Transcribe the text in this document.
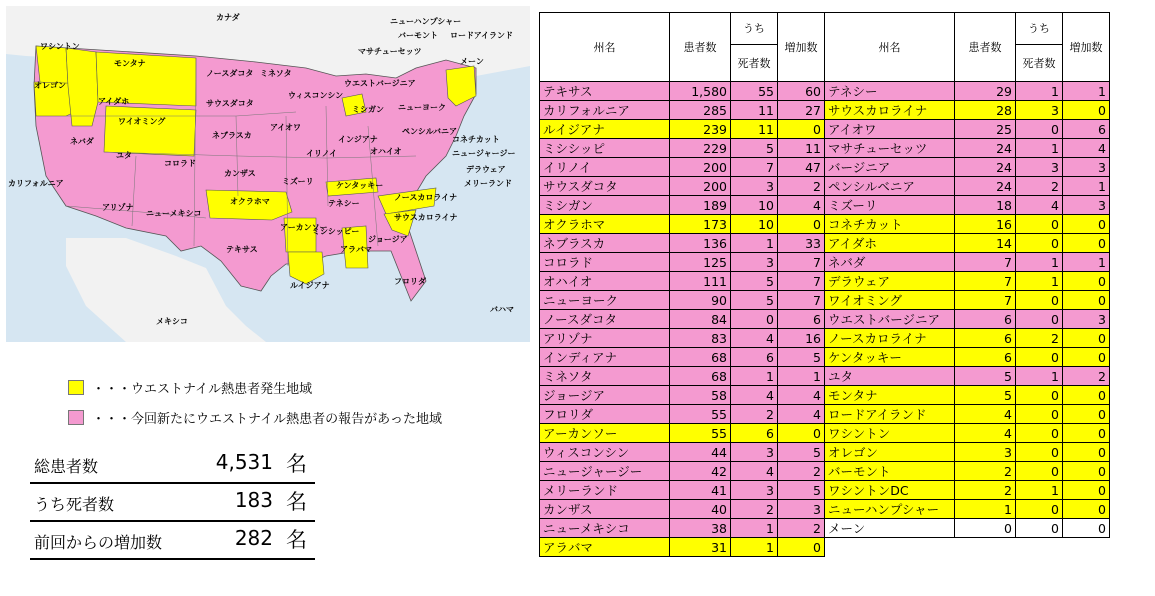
カナダ
ワシントン
モンタナ
オレゴン
アイダホ
ワイオミング
ノースダコタ ミネソタ
サウスダコタ
ネバダ
ユタ
コロラド
ネブラスカ
アイオワ
カリフォルニア
アリゾナ
ニューメキシコ
カンザス
ミズーリ
オクラホマ
テキサス
アーカンソー
ルイジアナ
ミシシッピー
アラバマ
テネシー
ケンタッキー
イリノイ
インジアナ
オハイオ
ウィスコンシン
ミシガン
ジョージア
フロリダ
サウスカロライナ
ノースカロライナ
ウエストバージニア
ニューヨーク
ペンシルバニア
ニューハンプシャー
バーモント ロードアイランド
マサチューセッツ
メーン
コネチカット
ニュージャージー
デラウェア
メリーランド
メキシコ
バハマ
・・・ウエストナイル熱患者発生地域
・・・今回新たにウエストナイル熱患者の報告があった地域
総患者数	4,531 名
うち死者数	183 名
前回からの増加数	282 名
州名	患者数	うち	増加数	州名	患者数	うち	増加数
		死者数				死者数	
テキサス	1,580	55	60	テネシー	29	1	1
カリフォルニア	285	11	27	サウスカロライナ	28	3	0
ルイジアナ	239	11	0	アイオワ	25	0	6
ミシシッピ	229	5	11	マサチューセッツ	24	1	4
イリノイ	200	7	47	バージニア	24	3	3
サウスダコタ	200	3	2	ペンシルベニア	24	2	1
ミシガン	189	10	4	ミズーリ	18	4	3
オクラホマ	173	10	0	コネチカット	16	0	0
ネブラスカ	136	1	33	アイダホ	14	0	0
コロラド	125	3	7	ネバダ	7	1	1
オハイオ	111	5	7	デラウェア	7	1	0
ニューヨーク	90	5	7	ワイオミング	7	0	0
ノースダコタ	84	0	6	ウエストバージニア	6	0	3
アリゾナ	83	4	16	ノースカロライナ	6	2	0
インディアナ	68	6	5	ケンタッキー	6	0	0
ミネソタ	68	1	1	ユタ	5	1	2
ジョージア	58	4	4	モンタナ	5	0	0
フロリダ	55	2	4	ロードアイランド	4	0	0
アーカンソー	55	6	0	ワシントン	4	0	0
ウィスコンシン	44	3	5	オレゴン	3	0	0
ニュージャージー	42	4	2	バーモント	2	0	0
メリーランド	41	3	5	ワシントンDC	2	1	0
カンザス	40	2	3	ニューハンプシャー	1	0	0
ニューメキシコ	38	1	2	メーン	0	0	0
アラバマ	31	1	0				
